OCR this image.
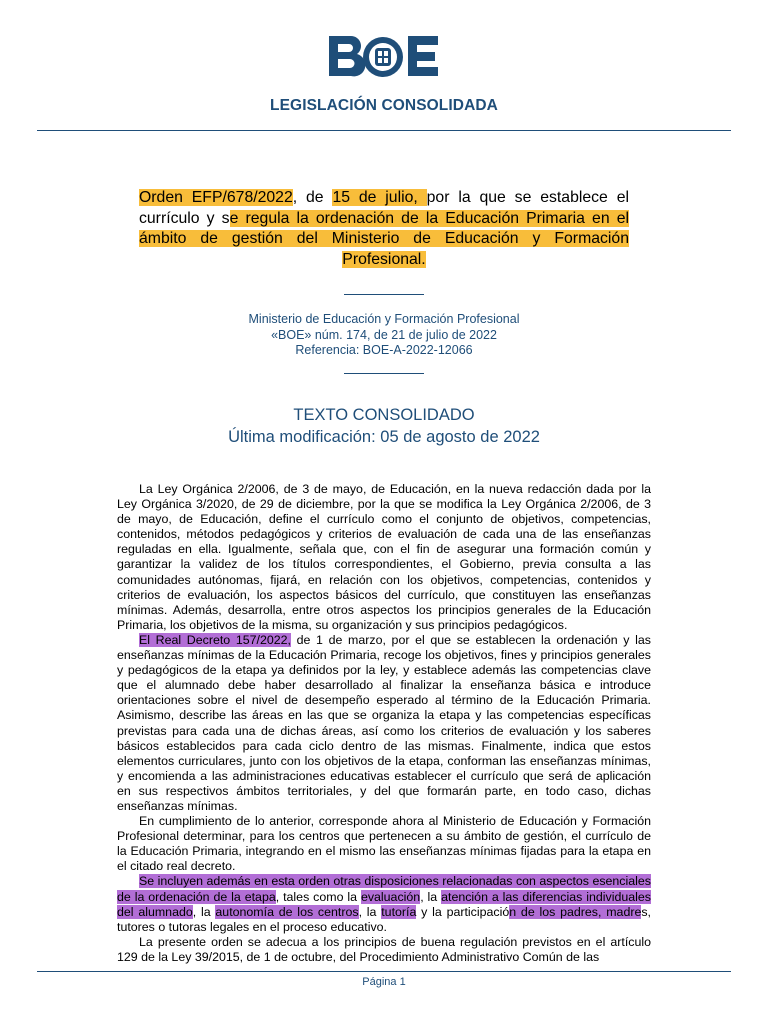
LEGISLACIÓN CONSOLIDADA
Orden EFP/678/2022, de 15 de julio, por la que se establece el currículo y se regula la ordenación de la Educación Primaria en el ámbito de gestión del Ministerio de Educación y Formación Profesional.
Ministerio de Educación y Formación Profesional
«BOE» núm. 174, de 21 de julio de 2022
Referencia: BOE-A-2022-12066
TEXTO CONSOLIDADO
Última modificación: 05 de agosto de 2022

La Ley Orgánica 2/2006, de 3 de mayo, de Educación, en la nueva redacción dada por la Ley Orgánica 3/2020, de 29 de diciembre, por la que se modifica la Ley Orgánica 2/2006, de 3 de mayo, de Educación, define el currículo como el conjunto de objetivos, competencias, contenidos, métodos pedagógicos y criterios de evaluación de cada una de las enseñanzas reguladas en ella. Igualmente, señala que, con el fin de asegurar una formación común y garantizar la validez de los títulos correspondientes, el Gobierno, previa consulta a las comunidades autónomas, fijará, en relación con los objetivos, competencias, contenidos y criterios de evaluación, los aspectos básicos del currículo, que constituyen las enseñanzas mínimas. Además, desarrolla, entre otros aspectos los principios generales de la Educación Primaria, los objetivos de la misma, su organización y sus principios pedagógicos.

El Real Decreto 157/2022, de 1 de marzo, por el que se establecen la ordenación y las enseñanzas mínimas de la Educación Primaria, recoge los objetivos, fines y principios generales y pedagógicos de la etapa ya definidos por la ley, y establece además las competencias clave que el alumnado debe haber desarrollado al finalizar la enseñanza básica e introduce orientaciones sobre el nivel de desempeño esperado al término de la Educación Primaria. Asimismo, describe las áreas en las que se organiza la etapa y las competencias específicas previstas para cada una de dichas áreas, así como los criterios de evaluación y los saberes básicos establecidos para cada ciclo dentro de las mismas. Finalmente, indica que estos elementos curriculares, junto con los objetivos de la etapa, conforman las enseñanzas mínimas, y encomienda a las administraciones educativas establecer el currículo que será de aplicación en sus respectivos ámbitos territoriales, y del que formarán parte, en todo caso, dichas enseñanzas mínimas.

En cumplimiento de lo anterior, corresponde ahora al Ministerio de Educación y Formación Profesional determinar, para los centros que pertenecen a su ámbito de gestión, el currículo de la Educación Primaria, integrando en el mismo las enseñanzas mínimas fijadas para la etapa en el citado real decreto.

Se incluyen además en esta orden otras disposiciones relacionadas con aspectos esenciales de la ordenación de la etapa, tales como la evaluación, la atención a las diferencias individuales del alumnado, la autonomía de los centros, la tutoría y la participación de los padres, madres, tutores o tutoras legales en el proceso educativo.

La presente orden se adecua a los principios de buena regulación previstos en el artículo 129 de la Ley 39/2015, de 1 de octubre, del Procedimiento Administrativo Común de las

Página 1
